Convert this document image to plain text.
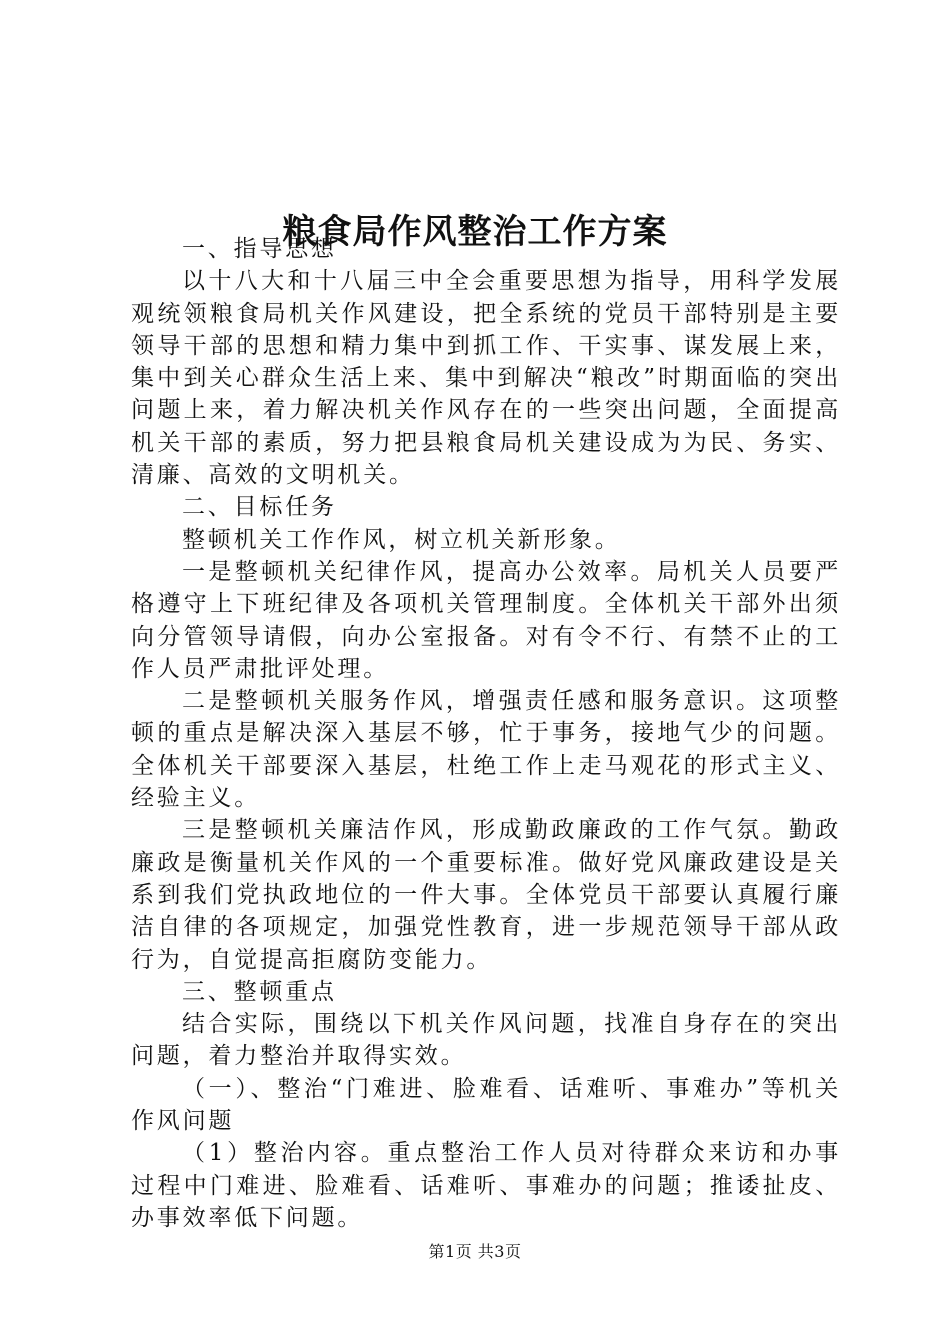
粮食局作风整治工作方案

一、指导思想

以十八大和十八届三中全会重要思想为指导，用科学发展观统领粮食局机关作风建设，把全系统的党员干部特别是主要领导干部的思想和精力集中到抓工作、干实事、谋发展上来，集中到关心群众生活上来、集中到解决“粮改”时期面临的突出问题上来，着力解决机关作风存在的一些突出问题，全面提高机关干部的素质，努力把县粮食局机关建设成为为民、务实、清廉、高效的文明机关。

二、目标任务

整顿机关工作作风，树立机关新形象。

一是整顿机关纪律作风，提高办公效率。局机关人员要严格遵守上下班纪律及各项机关管理制度。全体机关干部外出须向分管领导请假，向办公室报备。对有令不行、有禁不止的工作人员严肃批评处理。

二是整顿机关服务作风，增强责任感和服务意识。这项整顿的重点是解决深入基层不够，忙于事务，接地气少的问题。全体机关干部要深入基层，杜绝工作上走马观花的形式主义、经验主义。

三是整顿机关廉洁作风，形成勤政廉政的工作气氛。勤政廉政是衡量机关作风的一个重要标准。做好党风廉政建设是关系到我们党执政地位的一件大事。全体党员干部要认真履行廉洁自律的各项规定，加强党性教育，进一步规范领导干部从政行为，自觉提高拒腐防变能力。

三、整顿重点

结合实际，围绕以下机关作风问题，找准自身存在的突出问题，着力整治并取得实效。

（一）、整治“门难进、脸难看、话难听、事难办”等机关作风问题

（1）整治内容。重点整治工作人员对待群众来访和办事过程中门难进、脸难看、话难听、事难办的问题；推诿扯皮、办事效率低下问题。

第1页 共3页
